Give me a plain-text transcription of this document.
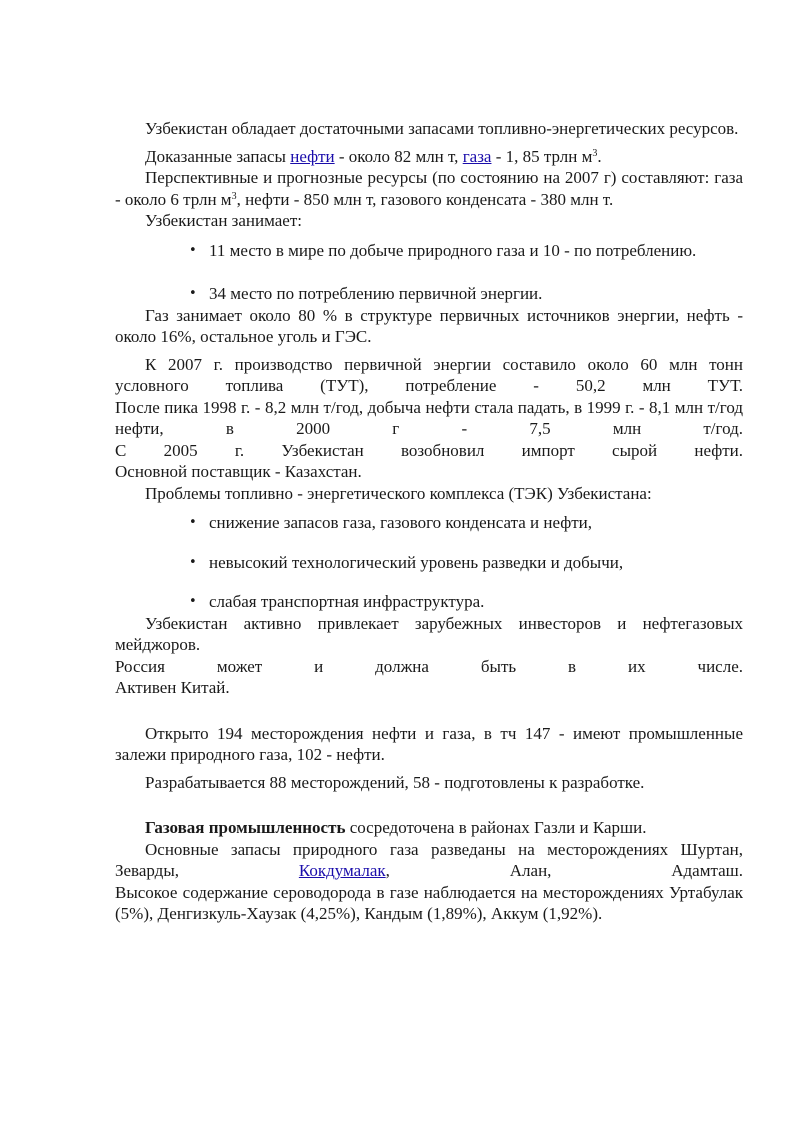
Узбекистан обладает достаточными запасами топливно-энергетических ресурсов.

Доказанные запасы нефти - около 82 млн т, газа - 1, 85 трлн $м^3$.

Перспективные и прогнозные ресурсы (по состоянию на 2007 г) составляют: газа - около 6 трлн $м^3$, нефти - 850 млн т, газового конденсата - 380 млн т.

Узбекистан занимает:

• 11 место в мире по добыче природного газа и 10 - по потреблению.
• 34 место по потреблению первичной энергии.

Газ занимает около 80 % в структуре первичных источников энергии, нефть - около 16%, остальное уголь и ГЭС.

К 2007 г. производство первичной энергии составило около 60 млн тонн условного топлива (ТУТ), потребление - 50,2 млн ТУТ.

После пика 1998 г. - 8,2 млн т/год, добыча нефти стала падать, в 1999 г. - 8,1 млн т/год нефти, в 2000 г - 7,5 млн т/год.

С 2005 г. Узбекистан возобновил импорт сырой нефти.

Основной поставщик - Казахстан.

Проблемы топливно - энергетического комплекса (ТЭК) Узбекистана:

• снижение запасов газа, газового конденсата и нефти,
• невысокий технологический уровень разведки и добычи,
• слабая транспортная инфраструктура.

Узбекистан активно привлекает зарубежных инвесторов и нефтегазовых мейджоров.

Россия может и должна быть в их числе.

Активен Китай.

Открыто 194 месторождения нефти и газа, в тч 147 - имеют промышленные залежи природного газа, 102 - нефти.

Разрабатывается 88 месторождений, 58 - подготовлены к разработке.

Газовая промышленность сосредоточена в районах Газли и Карши.

Основные запасы природного газа разведаны на месторождениях Шуртан, Зеварды, Кокдумалак, Алан, Адамташ.

Высокое содержание сероводорода в газе наблюдается на месторождениях Уртабулак (5%), Денгизкуль-Хаузак (4,25%), Кандым (1,89%), Аккум (1,92%).
